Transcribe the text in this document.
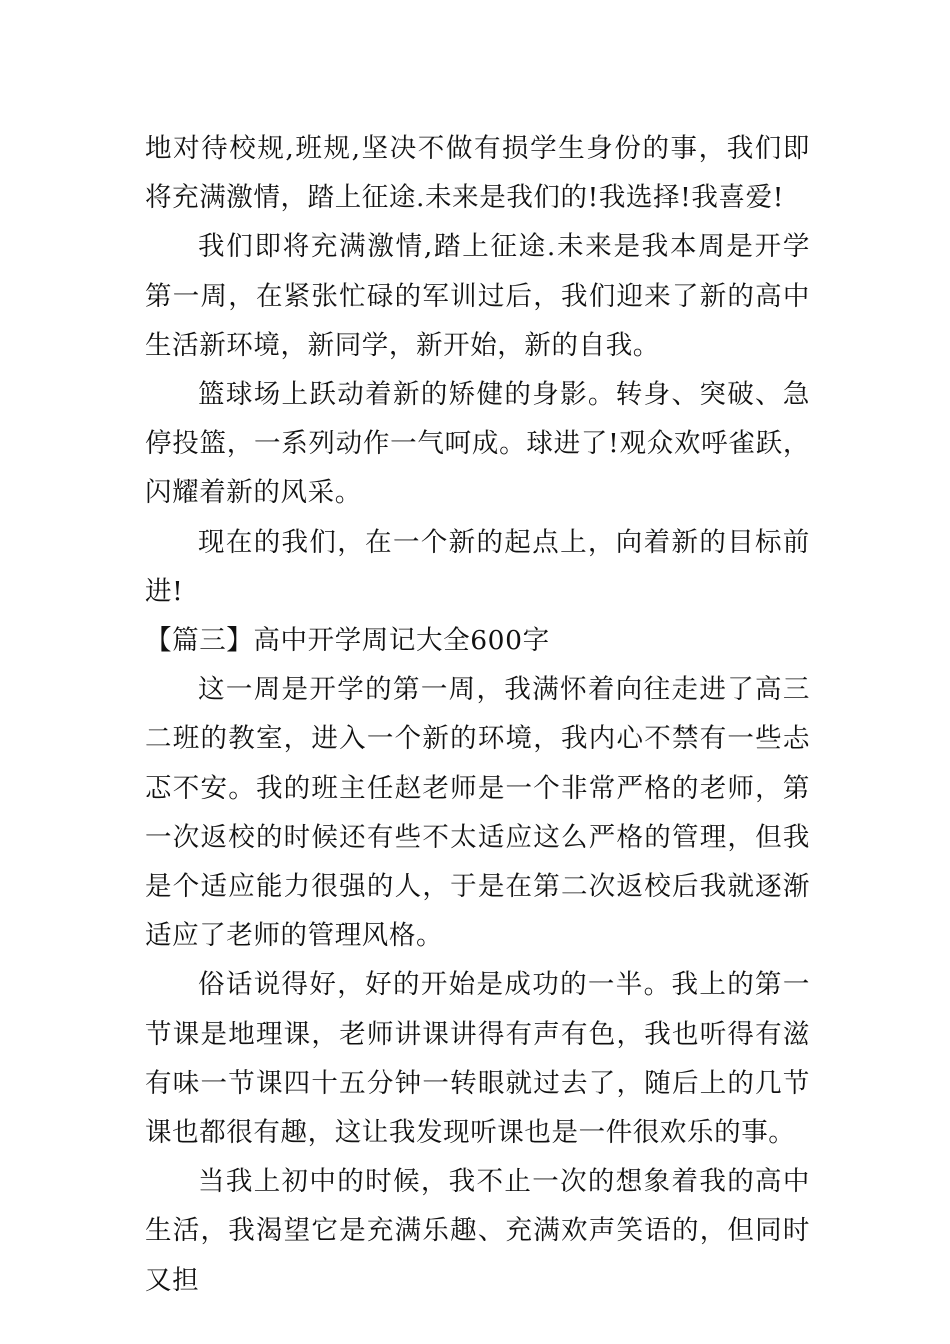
地对待校规,班规,坚决不做有损学生身份的事，我们即将充满激情，踏上征途.未来是我们的!我选择!我喜爱!

我们即将充满激情,踏上征途.未来是我本周是开学第一周，在紧张忙碌的军训过后，我们迎来了新的高中生活新环境，新同学，新开始，新的自我。

篮球场上跃动着新的矫健的身影。转身、突破、急停投篮，一系列动作一气呵成。球进了!观众欢呼雀跃，闪耀着新的风采。

现在的我们，在一个新的起点上，向着新的目标前进!

【篇三】高中开学周记大全600字

这一周是开学的第一周，我满怀着向往走进了高三二班的教室，进入一个新的环境，我内心不禁有一些忐忑不安。我的班主任赵老师是一个非常严格的老师，第一次返校的时候还有些不太适应这么严格的管理，但我是个适应能力很强的人，于是在第二次返校后我就逐渐适应了老师的管理风格。

俗话说得好，好的开始是成功的一半。我上的第一节课是地理课，老师讲课讲得有声有色，我也听得有滋有味一节课四十五分钟一转眼就过去了，随后上的几节课也都很有趣，这让我发现听课也是一件很欢乐的事。

当我上初中的时候，我不止一次的想象着我的高中生活，我渴望它是充满乐趣、充满欢声笑语的，但同时又担
